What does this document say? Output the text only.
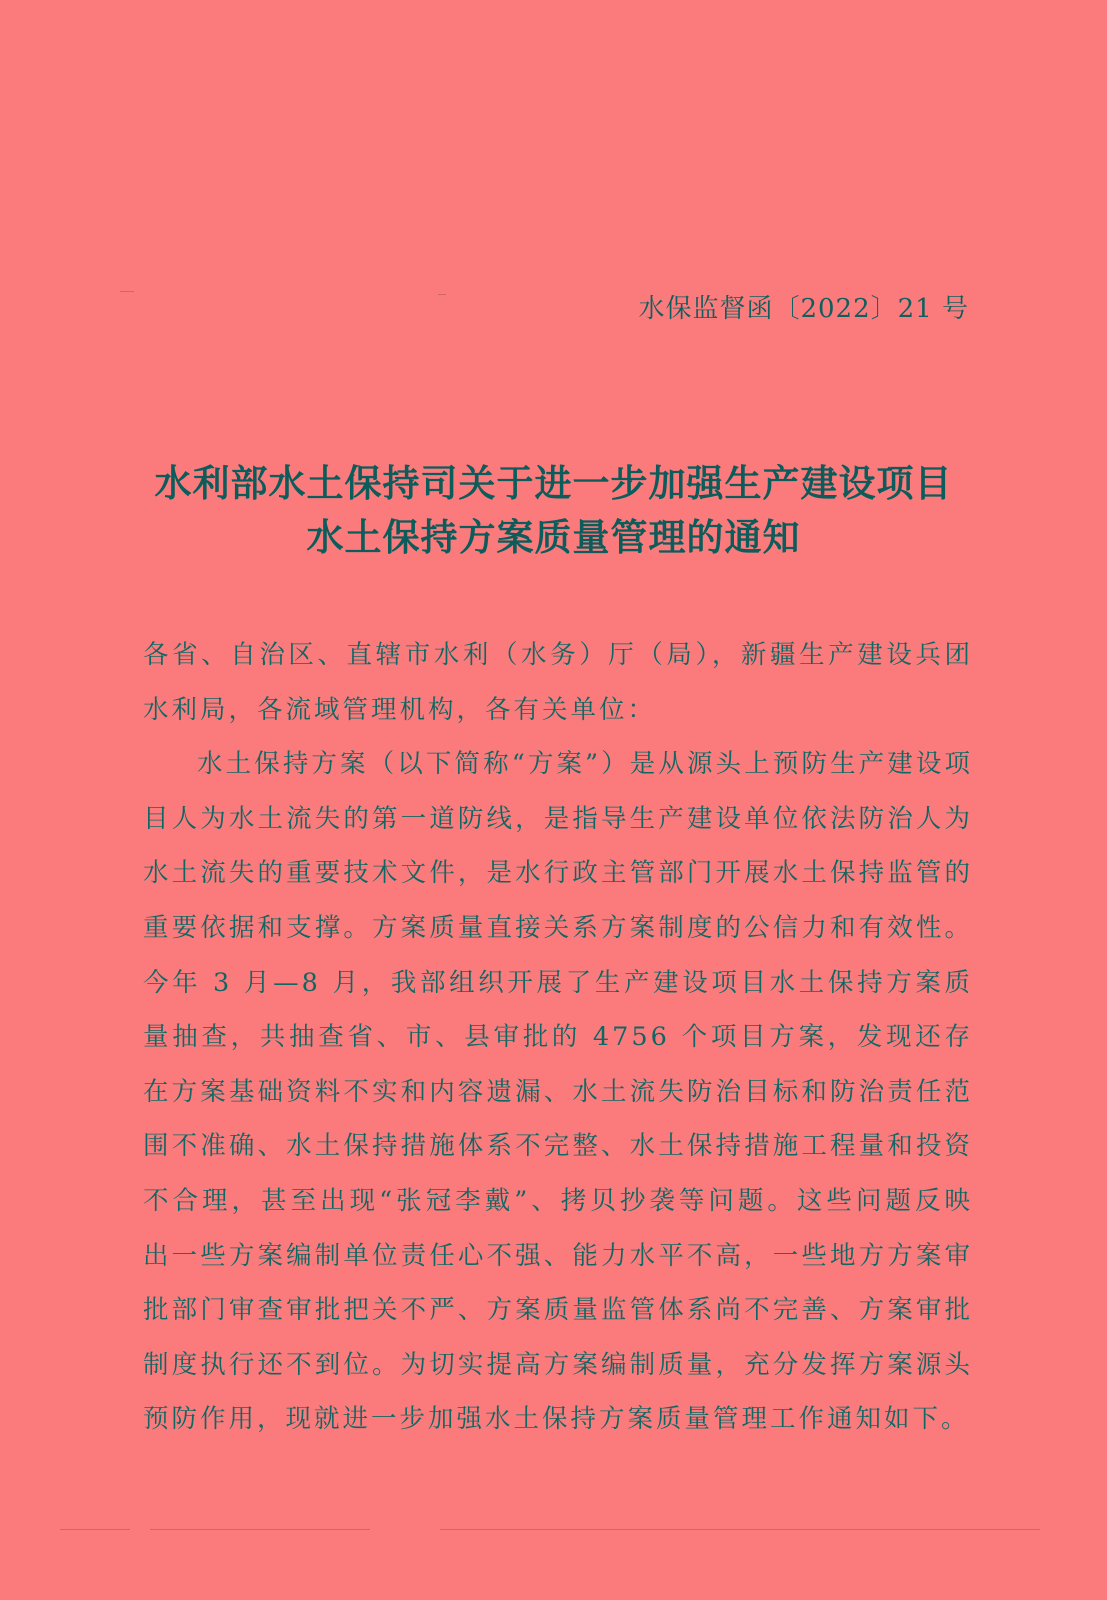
水保监督函〔2022〕21 号
水利部水土保持司关于进一步加强生产建设项目
水土保持方案质量管理的通知

各省、自治区、直辖市水利（水务）厅（局），新疆生产建设兵团水利局，各流域管理机构，各有关单位：

水土保持方案（以下简称“方案”）是从源头上预防生产建设项目人为水土流失的第一道防线，是指导生产建设单位依法防治人为水土流失的重要技术文件，是水行政主管部门开展水土保持监管的重要依据和支撑。方案质量直接关系方案制度的公信力和有效性。今年 3 月—8 月，我部组织开展了生产建设项目水土保持方案质量抽查，共抽查省、市、县审批的 4756 个项目方案，发现还存在方案基础资料不实和内容遗漏、水土流失防治目标和防治责任范围不准确、水土保持措施体系不完整、水土保持措施工程量和投资不合理，甚至出现“张冠李戴”、拷贝抄袭等问题。这些问题反映出一些方案编制单位责任心不强、能力水平不高，一些地方方案审批部门审查审批把关不严、方案质量监管体系尚不完善、方案审批制度执行还不到位。为切实提高方案编制质量，充分发挥方案源头预防作用，现就进一步加强水土保持方案质量管理工作通知如下。
